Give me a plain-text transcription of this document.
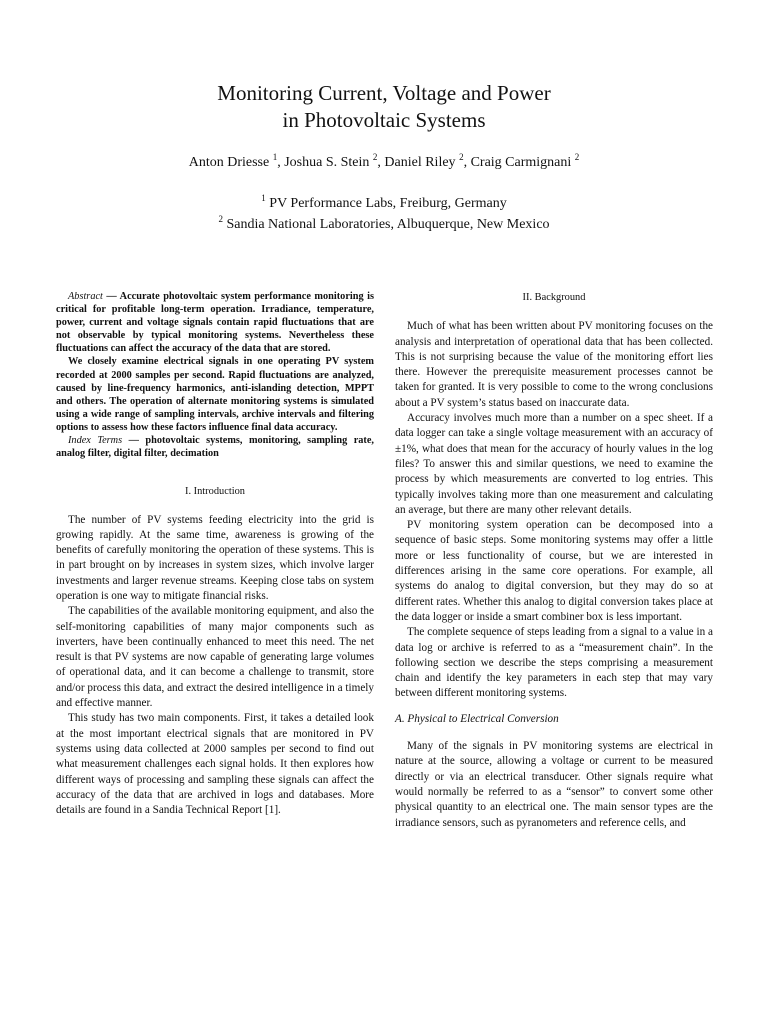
Monitoring Current, Voltage and Power
in Photovoltaic Systems
Anton Driesse $^1$, Joshua S. Stein $^2$, Daniel Riley $^2$, Craig Carmignani $^2$
$^1$ PV Performance Labs, Freiburg, Germany
$^2$ Sandia National Laboratories, Albuquerque, New Mexico

Abstract — Accurate photovoltaic system performance monitoring is critical for profitable long-term operation. Irradiance, temperature, power, current and voltage signals contain rapid fluctuations that are not observable by typical monitoring systems. Nevertheless these fluctuations can affect the accuracy of the data that are stored.

We closely examine electrical signals in one operating PV system recorded at 2000 samples per second. Rapid fluctuations are analyzed, caused by line-frequency harmonics, anti-islanding detection, MPPT and others. The operation of alternate monitoring systems is simulated using a wide range of sampling intervals, archive intervals and filtering options to assess how these factors influence final data accuracy.

Index Terms — photovoltaic systems, monitoring, sampling rate, analog filter, digital filter, decimation

I. Introduction

The number of PV systems feeding electricity into the grid is growing rapidly. At the same time, awareness is growing of the benefits of carefully monitoring the operation of these systems. This is in part brought on by increases in system sizes, which involve larger investments and larger revenue streams. Keeping close tabs on system operation is one way to mitigate financial risks.

The capabilities of the available monitoring equipment, and also the self-monitoring capabilities of many major components such as inverters, have been continually enhanced to meet this need. The net result is that PV systems are now capable of generating large volumes of operational data, and it can become a challenge to transmit, store and/or process this data, and extract the desired intelligence in a timely and effective manner.

This study has two main components. First, it takes a detailed look at the most important electrical signals that are monitored in PV systems using data collected at 2000 samples per second to find out what measurement challenges each signal holds. It then explores how different ways of processing and sampling these signals can affect the accuracy of the data that are archived in logs and databases. More details are found in a Sandia Technical Report [1].

II. Background

Much of what has been written about PV monitoring focuses on the analysis and interpretation of operational data that has been collected. This is not surprising because the value of the monitoring effort lies there. However the prerequisite measurement processes cannot be taken for granted. It is very possible to come to the wrong conclusions about a PV system’s status based on inaccurate data.

Accuracy involves much more than a number on a spec sheet. If a data logger can take a single voltage measurement with an accuracy of ±1%, what does that mean for the accuracy of hourly values in the log files? To answer this and similar questions, we need to examine the process by which measurements are converted to log entries. This typically involves taking more than one measurement and calculating an average, but there are many other relevant details.

PV monitoring system operation can be decomposed into a sequence of basic steps. Some monitoring systems may offer a little more or less functionality of course, but we are interested in differences arising in the same core operations. For example, all systems do analog to digital conversion, but they may do so at different rates. Whether this analog to digital conversion takes place at the data logger or inside a smart combiner box is less important.

The complete sequence of steps leading from a signal to a value in a data log or archive is referred to as a “measurement chain”. In the following section we describe the steps comprising a measurement chain and identify the key parameters in each step that may vary between different monitoring systems.

A. Physical to Electrical Conversion

Many of the signals in PV monitoring systems are electrical in nature at the source, allowing a voltage or current to be measured directly or via an electrical transducer. Other signals require what would normally be referred to as a “sensor” to convert some other physical quantity to an electrical one. The main sensor types are the irradiance sensors, such as pyranometers and reference cells, and
